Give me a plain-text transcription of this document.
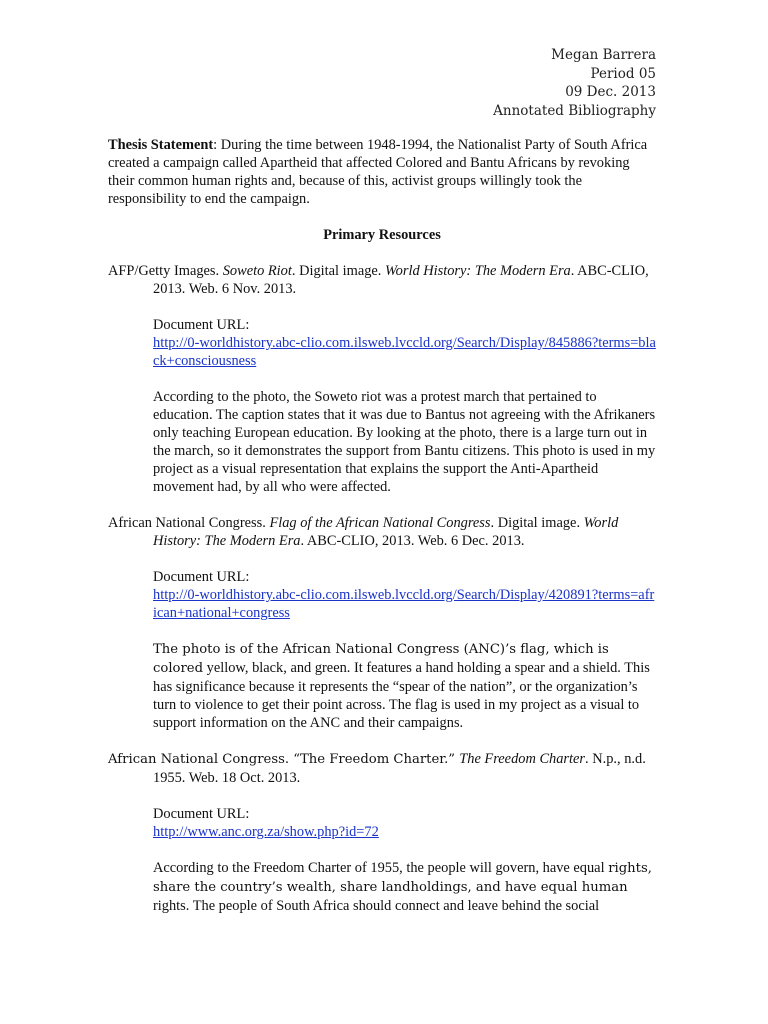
Megan Barrera
Period 05
09 Dec. 2013
Annotated Bibliography

Thesis Statement: During the time between 1948-1994, the Nationalist Party of South Africa created a campaign called Apartheid that affected Colored and Bantu Africans by revoking their common human rights and, because of this, activist groups willingly took the responsibility to end the campaign.

Primary Resources

AFP/Getty Images. Soweto Riot. Digital image. World History: The Modern Era. ABC-CLIO, 2013. Web. 6 Nov. 2013.

Document URL:
http://0-worldhistory.abc-clio.com.ilsweb.lvccld.org/Search/Display/845886?terms=black+consciousness

According to the photo, the Soweto riot was a protest march that pertained to education. The caption states that it was due to Bantus not agreeing with the Afrikaners only teaching European education. By looking at the photo, there is a large turn out in the march, so it demonstrates the support from Bantu citizens. This photo is used in my project as a visual representation that explains the support the Anti-Apartheid movement had, by all who were affected.

African National Congress. Flag of the African National Congress. Digital image. World History: The Modern Era. ABC-CLIO, 2013. Web. 6 Dec. 2013.

Document URL:
http://0-worldhistory.abc-clio.com.ilsweb.lvccld.org/Search/Display/420891?terms=african+national+congress

The photo is of the African National Congress (ANC)’s flag, which is colored yellow, black, and green. It features a hand holding a spear and a shield. This has significance because it represents the “spear of the nation”, or the organization’s turn to violence to get their point across. The flag is used in my project as a visual to support information on the ANC and their campaigns.

African National Congress. “The Freedom Charter.” The Freedom Charter. N.p., n.d. 1955. Web. 18 Oct. 2013.

Document URL:
http://www.anc.org.za/show.php?id=72

According to the Freedom Charter of 1955, the people will govern, have equal rights, share the country’s wealth, share landholdings, and have equal human rights. The people of South Africa should connect and leave behind the social
